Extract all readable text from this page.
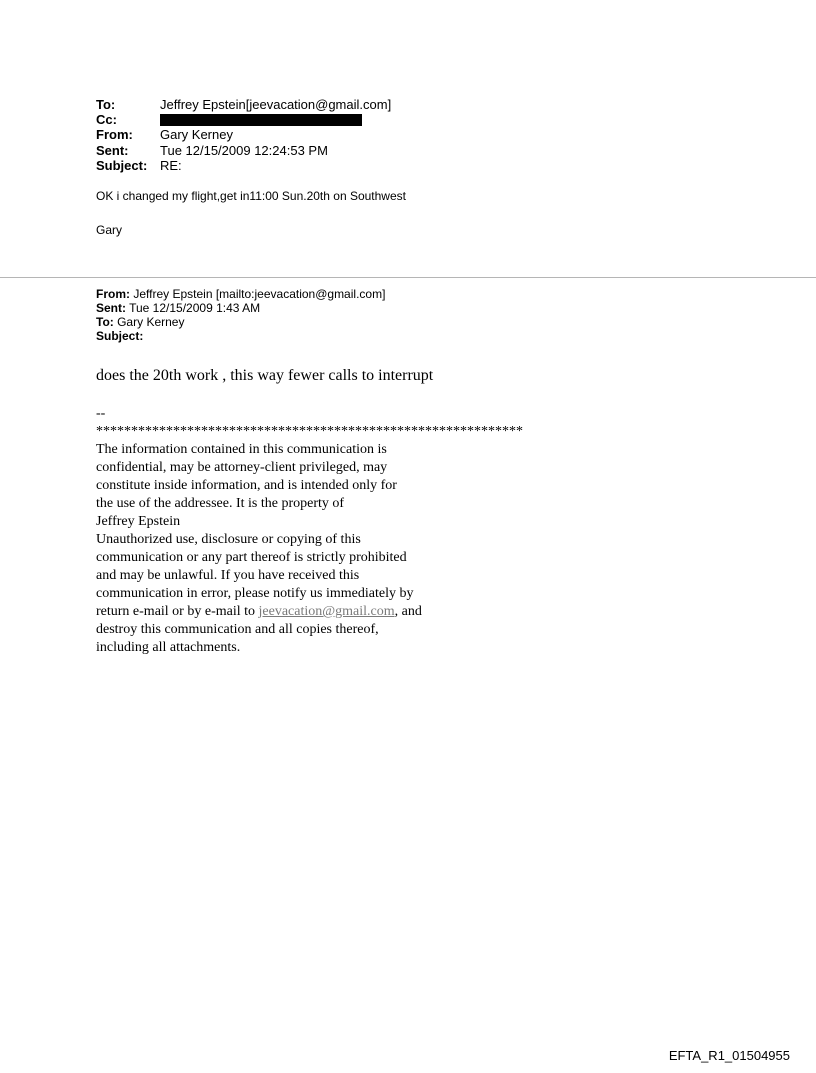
To:	Jeffrey Epstein[jeevacation@gmail.com]
Cc:
From:	Gary Kerney
Sent:	Tue 12/15/2009 12:24:53 PM
Subject: RE:
OK i changed my flight,get in11:00 Sun.20th on Southwest
Gary
From: Jeffrey Epstein [mailto:jeevacation@gmail.com]
Sent: Tue 12/15/2009 1:43 AM
To: Gary Kerney
Subject:
does the 20th work , this way fewer calls to interrupt
--
*************************************************************
The information contained in this communication is
confidential, may be attorney-client privileged, may
constitute inside information, and is intended only for
the use of the addressee. It is the property of
Jeffrey Epstein
Unauthorized use, disclosure or copying of this
communication or any part thereof is strictly prohibited
and may be unlawful. If you have received this
communication in error, please notify us immediately by
return e-mail or by e-mail to jeevacation@gmail.com, and
destroy this communication and all copies thereof,
including all attachments.
EFTA_R1_01504955
